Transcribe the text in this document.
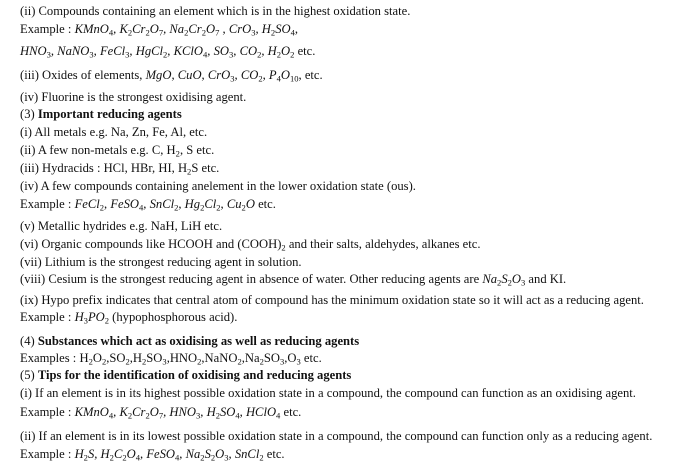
(ii) Compounds containing an element which is in the highest oxidation state.
Example : KMnO$_4$, $K_2Cr_2O_7$, $Na_2Cr_2O_7$ , CrO$_3$, $H_2SO_4$,
$HNO_3$, NaNO$_3$, FeCl$_3$, HgCl$_2$, KClO$_4$, $SO_3$, $CO_2$, $H_2O_2$ etc.
(iii) Oxides of elements, MgO, CuO, CrO$_3$, $CO_2$, $P_4O_{10}$, etc.
(iv) Fluorine is the strongest oxidising agent.
(3) Important reducing agents
(i) All metals e.g. Na, Zn, Fe, Al, etc.
(ii) A few non-metals e.g. C, $H_2$, S etc.
(iii) Hydracids : HCl, HBr, HI, $H_2S$ etc.
(iv) A few compounds containing anelement in the lower oxidation state (ous).
Example : FeCl$_2$, FeSO$_4$, SnCl$_2$, $Hg_2Cl_2$, $Cu_2O$ etc.
(v) Metallic hydrides e.g. NaH, LiH etc.
(vi) Organic compounds like HCOOH and $(COOH)_2$ and their salts, aldehydes, alkanes etc.
(vii) Lithium is the strongest reducing agent in solution.
(viii) Cesium is the strongest reducing agent in absence of water. Other reducing agents are $Na_2S_2O_3$ and KI.
(ix) Hypo prefix indicates that central atom of compound has the minimum oxidation state so it will act as a reducing agent.
Example : $H_3PO_2$ (hypophosphorous acid).
(4) Substances which act as oxidising as well as reducing agents
Examples : $H_2O_2,SO_2,H_2SO_3,HNO_2,NaNO_2,Na_2SO_3,O_3$ etc.
(5) Tips for the identification of oxidising and reducing agents
(i) If an element is in its highest possible oxidation state in a compound, the compound can function as an oxidising agent.
Example : KMnO$_4$, $K_2Cr_2O_7$, $HNO_3$, $H_2SO_4$, HClO$_4$ etc.
(ii) If an element is in its lowest possible oxidation state in a compound, the compound can function only as a reducing agent.
Example : $H_2S$, $H_2C_2O_4$, FeSO$_4$, $Na_2S_2O_3$, SnCl$_2$ etc.
